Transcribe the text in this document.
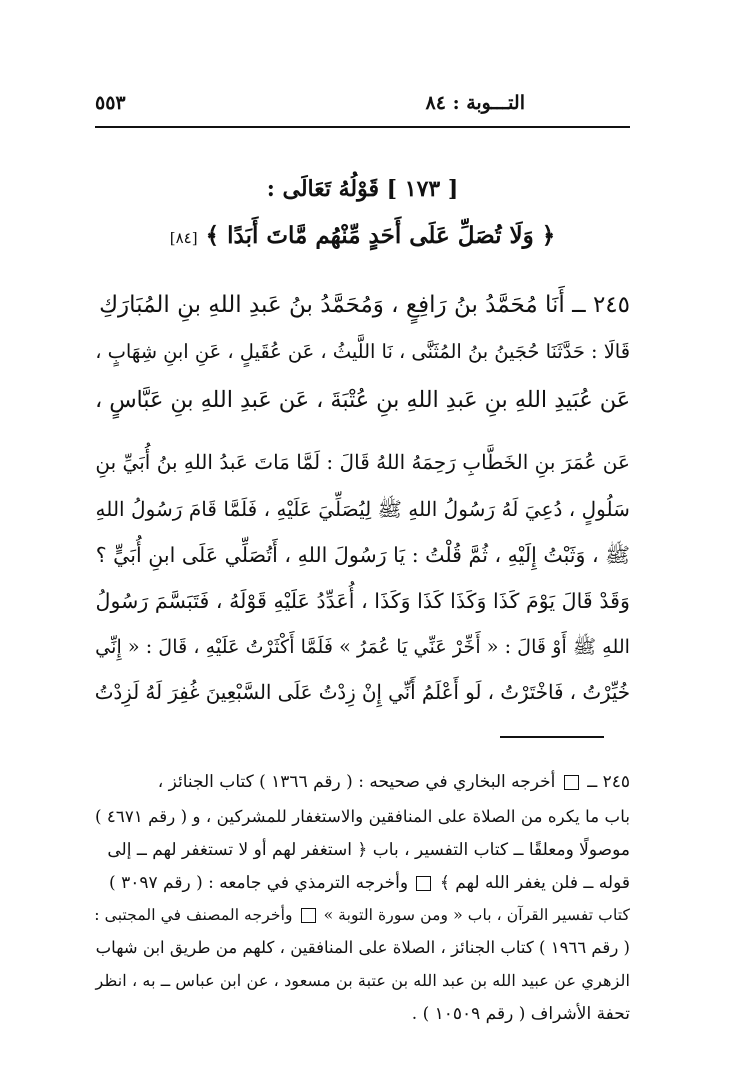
التـــوبة : ٨٤
٥٥٣
[ ١٧٣ ] قَوْلُهُ تَعَالَى :
﴿ وَلَا تُصَلِّ عَلَى أَحَدٍ مِّنْهُم مَّاتَ أَبَدًا ﴾ [٨٤]
٢٤٥ ــ أَنَا مُحَمَّدُ بنُ رَافِعٍ ، وَمُحَمَّدُ بنُ عَبدِ اللهِ بنِ المُبَارَكِ
قَالَا : حَدَّثَنَا حُجَينُ بنُ المُثَنَّى ، نَا اللَّيثُ ، عَن عُقَيلٍ ، عَنِ ابنِ شِهَابٍ ،
عَن عُبَيدِ اللهِ بنِ عَبدِ اللهِ بنِ عُتْبَةَ ، عَن عَبدِ اللهِ بنِ عَبَّاسٍ ،
عَن عُمَرَ بنِ الخَطَّابِ رَحِمَهُ اللهُ قَالَ : لَمَّا مَاتَ عَبدُ اللهِ بنُ أُبَيِّ بنِ
سَلُولٍ ، دُعِيَ لَهُ رَسُولُ اللهِ ﷺ لِيُصَلِّيَ عَلَيْهِ ، فَلَمَّا قَامَ رَسُولُ اللهِ
ﷺ ، وَثَبْتُ إِلَيْهِ ، ثُمَّ قُلْتُ : يَا رَسُولَ اللهِ ، أَتُصَلِّي عَلَى ابنِ أُبَيٍّ ؟
وَقَدْ قَالَ يَوْمَ كَذَا وَكَذَا كَذَا وَكَذَا ، أُعَدِّدُ عَلَيْهِ قَوْلَهُ ، فَتَبَسَّمَ رَسُولُ
اللهِ ﷺ أَوْ قَالَ : « أَخِّرْ عَنِّي يَا عُمَرُ » فَلَمَّا أَكْثَرْتُ عَلَيْهِ ، قَالَ : « إِنِّي
خُيِّرْتُ ، فَاخْتَرْتُ ، لَو أَعْلَمُ أَنِّي إِنْ زِدْتُ عَلَى السَّبْعِينَ غُفِرَ لَهُ لَزِدْتُ
٢٤٥ ــ  أخرجه البخاري في صحيحه : ( رقم ١٣٦٦ ) كتاب الجنائز ،
باب ما يكره من الصلاة على المنافقين والاستغفار للمشركين ، و ( رقم ٤٦٧١ )
موصولًا ومعلقًا ــ كتاب التفسير ، باب ﴿ استغفر لهم أو لا تستغفر لهم ــ إلى
قوله ــ فلن يغفر الله لهم ﴾  وأخرجه الترمذي في جامعه : ( رقم ٣٠٩٧ )
كتاب تفسير القرآن ، باب « ومن سورة التوبة »  وأخرجه المصنف في المجتبى :
( رقم ١٩٦٦ ) كتاب الجنائز ، الصلاة على المنافقين ، كلهم من طريق ابن شهاب
الزهري عن عبيد الله بن عبد الله بن عتبة بن مسعود ، عن ابن عباس ــ به ، انظر
تحفة الأشراف ( رقم ١٠٥٠٩ ) .
